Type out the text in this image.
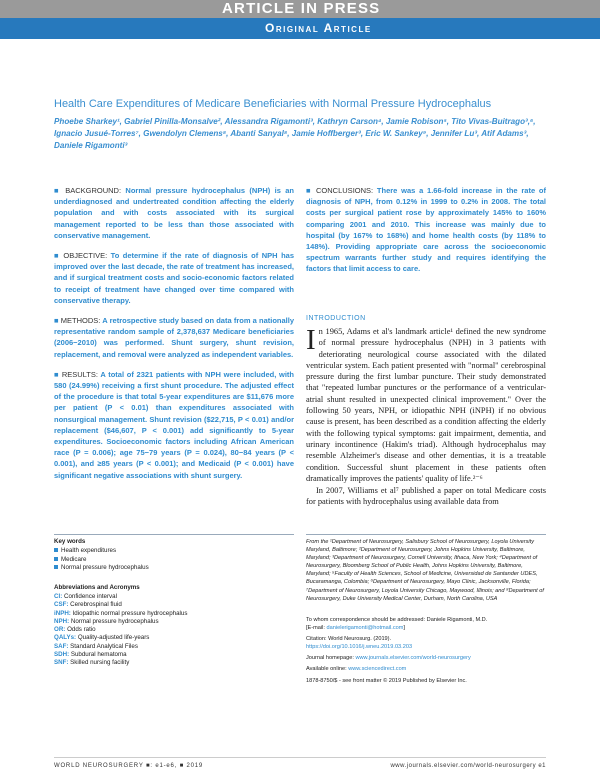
ARTICLE IN PRESS
Original Article
Health Care Expenditures of Medicare Beneficiaries with Normal Pressure Hydrocephalus
Phoebe Sharkey¹, Gabriel Pinilla-Monsalve², Alessandra Rigamonti³, Kathryn Carson⁴, Jamie Robison⁵, Tito Vivas-Buitrago³,⁶, Ignacio Jusué-Torres⁷, Gwendolyn Clemens⁸, Abanti Sanyal⁸, Jamie Hoffberger³, Eric W. Sankey⁹, Jennifer Lu³, Atif Adams³, Daniele Rigamonti³
■ BACKGROUND: Normal pressure hydrocephalus (NPH) is an underdiagnosed and undertreated condition affecting the elderly population and with costs associated with its surgical management reported to be less than those associated with conservative management.
■ OBJECTIVE: To determine if the rate of diagnosis of NPH has improved over the last decade, the rate of treatment has increased, and if surgical treatment costs and socio-economic factors related to receipt of treatment have changed over time compared with conservative therapy.
■ METHODS: A retrospective study based on data from a nationally representative random sample of 2,378,637 Medicare beneficiaries (2006−2010) was performed. Shunt surgery, shunt revision, replacement, and removal were analyzed as independent variables.
■ RESULTS: A total of 2321 patients with NPH were included, with 580 (24.99%) receiving a first shunt procedure. The adjusted effect of the procedure is that total 5-year expenditures are $11,676 more per patient (P < 0.01) than expenditures associated with nonsurgical management. Shunt revision ($22,715, P < 0.01) and/or replacement ($46,607, P < 0.001) add significantly to 5-year expenditures. Socioeconomic factors including African American race (P = 0.006); age 75−79 years (P = 0.024), 80−84 years (P < 0.001), and ≥85 years (P < 0.001); and Medicaid (P < 0.001) have significant negative associations with shunt surgery.
■ CONCLUSIONS: There was a 1.66-fold increase in the rate of diagnosis of NPH, from 0.12% in 1999 to 0.2% in 2008. The total costs per surgical patient rose by approximately 145% to 160% comparing 2001 and 2010. This increase was mainly due to hospital (by 167% to 168%) and home health costs (by 118% to 148%). Providing appropriate care across the socioeconomic spectrum warrants further study and requires identifying the factors that limit access to care.
INTRODUCTION

In 1965, Adams et al's landmark article¹ defined the new syndrome of normal pressure hydrocephalus (NPH) in 3 patients with deteriorating neurological course associated with the dilated ventricular system. Each patient presented with "normal" cerebrospinal pressure during the first lumbar puncture. Their study demonstrated that "repeated lumbar punctures or the performance of a ventricular-atrial shunt resulted in unexpected clinical improvement." Over the following 50 years, NPH, or idiopathic NPH (iNPH) if no obvious cause is present, has been described as a condition affecting the elderly with the following typical symptoms: gait impairment, dementia, and urinary incontinence (Hakim's triad). Although hydrocephalus may resemble Alzheimer's disease and other dementias, it is a treatable condition. Successful shunt placement in these patients often dramatically improves the patients' quality of life.²⁻⁶

In 2007, Williams et al⁷ published a paper on total Medicare costs for patients with hydrocephalus using available data from

Key words
Health expenditures
Medicare
Normal pressure hydrocephalus
Abbreviations and Acronyms
CI: Confidence interval
CSF: Cerebrospinal fluid
iNPH: Idiopathic normal pressure hydrocephalus
NPH: Normal pressure hydrocephalus
OR: Odds ratio
QALYs: Quality-adjusted life-years
SAF: Standard Analytical Files
SDH: Subdural hematoma
SNF: Skilled nursing facility
From the ¹Department of Neurosurgery, Salisbury School of Neurosurgery, Loyola University Maryland, Baltimore; ²Department of Neurosurgery, Johns Hopkins University, Baltimore, Maryland; ³Department of Neurosurgery, Cornell University, Ithaca, New York; ⁴Department of Neurosurgery, Bloomberg School of Public Health, Johns Hopkins University, Baltimore, Maryland; ⁵Faculty of Health Sciences, School of Medicine, Universidad de Santander UDES, Bucaramanga, Colombia; ⁶Department of Neurosurgery, Mayo Clinic, Jacksonville, Florida; ⁷Department of Neurosurgery, Loyola University Chicago, Maywood, Illinois; and ⁸Department of Neurosurgery, Duke University Medical Center, Durham, North Carolina, USA
To whom correspondence should be addressed: Daniele Rigamonti, M.D.
[E-mail: danielerigamonti@hotmail.com]
Citation: World Neurosurg. (2019).
https://doi.org/10.1016/j.wneu.2019.03.203
Journal homepage: www.journals.elsevier.com/world-neurosurgery
Available online: www.sciencedirect.com
1878-8750/$ - see front matter © 2019 Published by Elsevier Inc.
WORLD NEUROSURGERY ■: e1-e6, ■ 2019	www.journals.elsevier.com/world-neurosurgery e1
